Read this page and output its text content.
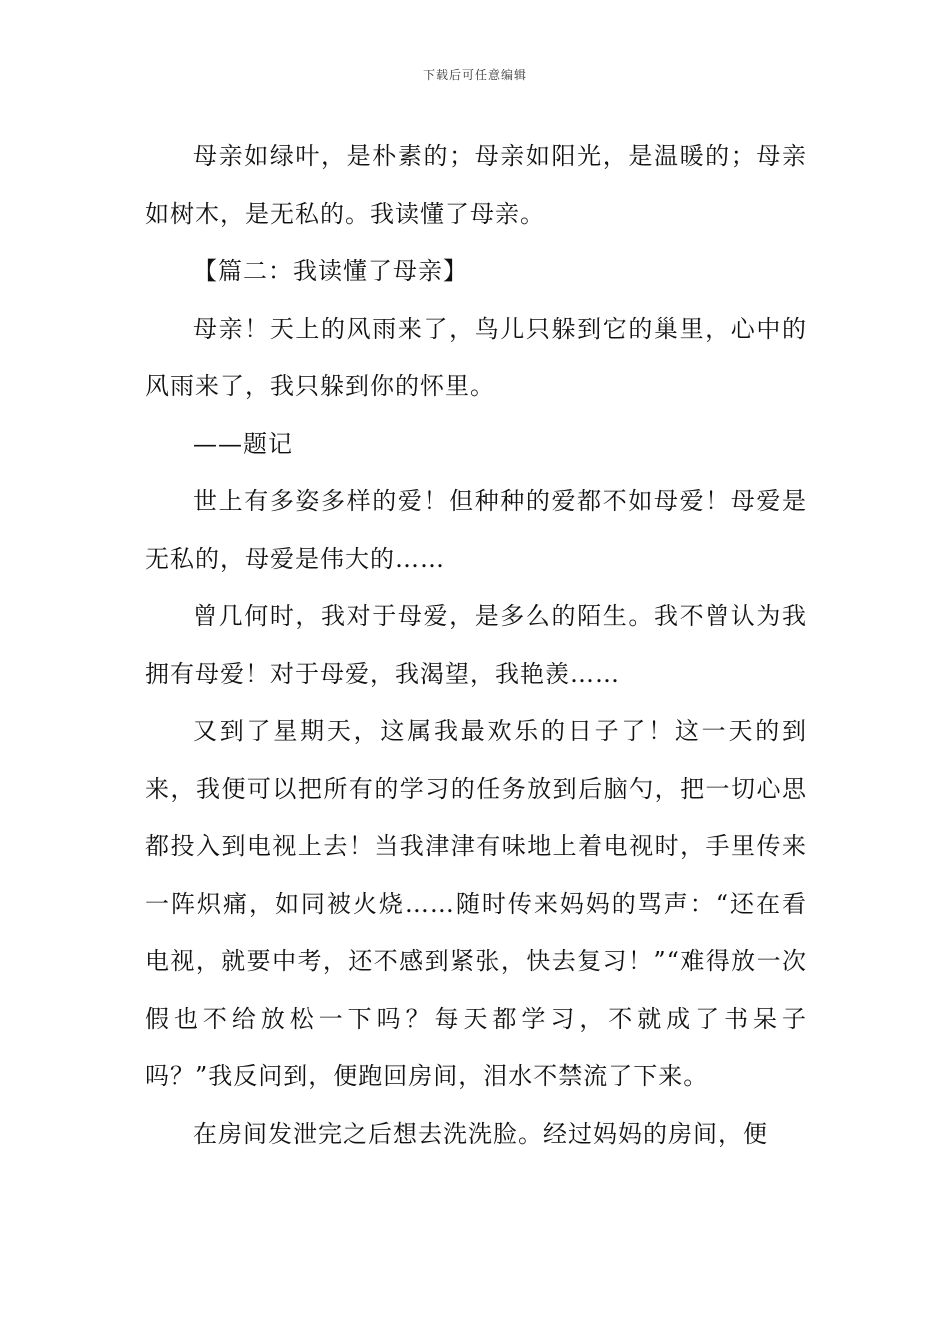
下载后可任意编辑

母亲如绿叶，是朴素的；母亲如阳光，是温暖的；母亲如树木，是无私的。我读懂了母亲。

【篇二：我读懂了母亲】

母亲！天上的风雨来了，鸟儿只躲到它的巢里，心中的风雨来了，我只躲到你的怀里。

——题记

世上有多姿多样的爱！但种种的爱都不如母爱！母爱是无私的，母爱是伟大的……

曾几何时，我对于母爱，是多么的陌生。我不曾认为我拥有母爱！对于母爱，我渴望，我艳羡……

又到了星期天，这属我最欢乐的日子了！这一天的到来，我便可以把所有的学习的任务放到后脑勺，把一切心思都投入到电视上去！当我津津有味地上着电视时，手里传来一阵炽痛，如同被火烧……随时传来妈妈的骂声：“还在看电视，就要中考，还不感到紧张，快去复习！”“难得放一次假也不给放松一下吗？每天都学习，不就成了书呆子吗？”我反问到，便跑回房间，泪水不禁流了下来。

在房间发泄完之后想去洗洗脸。经过妈妈的房间，便
